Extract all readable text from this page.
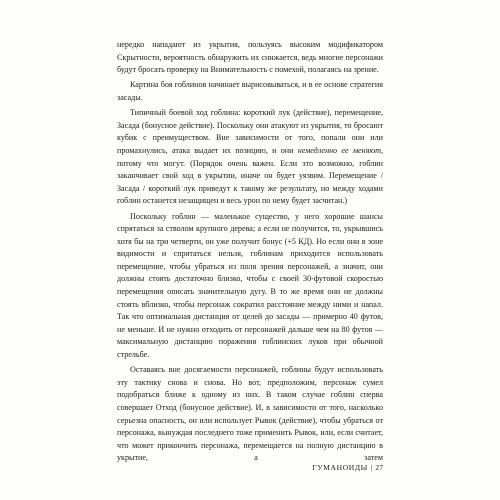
нередко нападают из укрытия, пользуясь высоким модификатором Скрытности, вероятность обнаружить их снижается, ведь многие персонажи будут бросать проверку на Внимательность с помехой, полагаясь на зрение.

Картина боя гоблинов начинает вырисовываться, и в ее основе стратегия засады.

Типичный боевой ход гоблина: короткий лук (действие), перемещение, Засада (бонусное действие). Поскольку они атакуют из укрытия, то бросают кубик с преимуществом. Вне зависимости от того, попали они или промахнулись, атака выдает их позицию, и они немедленно ее меняют, потому что могут. (Порядок очень важен. Если это возможно, гоблин заканчивает свой ход в укрытии, иначе он будет уязвим. Перемещение / Засада / короткий лук приведут к такому же результату, но между ходами гоблин останется незащищен и весь урон по нему будет засчитан.)

Поскольку гоблин — маленькое существо, у него хорошие шансы спрятаться за стволом крупного дерева; а если не получится, то, укрывшись хотя бы на три четверти, он уже получит бонус (+5 КД). Но если они в зоне видимости и спрятаться нельзя, гоблинам приходится использовать перемещение, чтобы убраться из поля зрения персонажей, а значит, они должны стоять достаточно близко, чтобы с своей 30-футовой скоростью перемещения описать значительную дугу. В то же время они не должны стоять вблизко, чтобы персонаж сократил расстояние между ними и напал. Так что оптимальная дистанция от целей до засады — примерно 40 футов, не меньше. И не нужно отходить от персонажей дальше чем на 80 футов — максимальную дистанцию поражения гоблинских луков при обычной стрельбе.

Оставаясь вне досягаемости персонажей, гоблины будут использовать эту тактику снова и снова. Но вот, предположим, персонаж сумел подобраться ближе к одному из них. В таком случае гоблин сперва совершает Отход (бонусное действие). И, в зависимости от того, насколько серьезна опасность, он или использует Рывок (действие), чтобы убраться от персонажа, вынуждая последнего тоже применить Рывок, или, если считает, что может прикончить персонажа, перемещается на полную дистанцию в укрытие, а затем

ГУМАНОИДЫ | 27
